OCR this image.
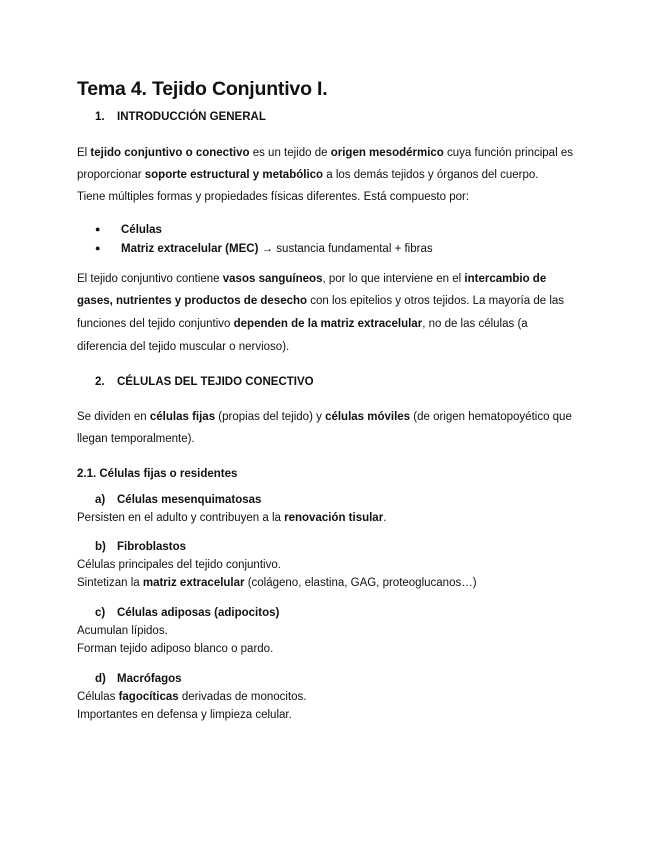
Tema 4. Tejido Conjuntivo I.
1. INTRODUCCIÓN GENERAL
El tejido conjuntivo o conectivo es un tejido de origen mesodérmico cuya función principal es
proporcionar soporte estructural y metabólico a los demás tejidos y órganos del cuerpo.
Tiene múltiples formas y propiedades físicas diferentes. Está compuesto por:
● Células
● Matriz extracelular (MEC) → sustancia fundamental + fibras
El tejido conjuntivo contiene vasos sanguíneos, por lo que interviene en el intercambio de
gases, nutrientes y productos de desecho con los epitelios y otros tejidos. La mayoría de las
funciones del tejido conjuntivo dependen de la matriz extracelular, no de las células (a
diferencia del tejido muscular o nervioso).
2. CÉLULAS DEL TEJIDO CONECTIVO
Se dividen en células fijas (propias del tejido) y células móviles (de origen hematopoyético que
llegan temporalmente).
2.1. Células fijas o residentes
a) Células mesenquimatosas
Persisten en el adulto y contribuyen a la renovación tisular.
b) Fibroblastos
Células principales del tejido conjuntivo.
Sintetizan la matriz extracelular (colágeno, elastina, GAG, proteoglucanos…)
c) Células adiposas (adipocitos)
Acumulan lípidos.
Forman tejido adiposo blanco o pardo.
d) Macrófagos
Células fagocíticas derivadas de monocitos.
Importantes en defensa y limpieza celular.
